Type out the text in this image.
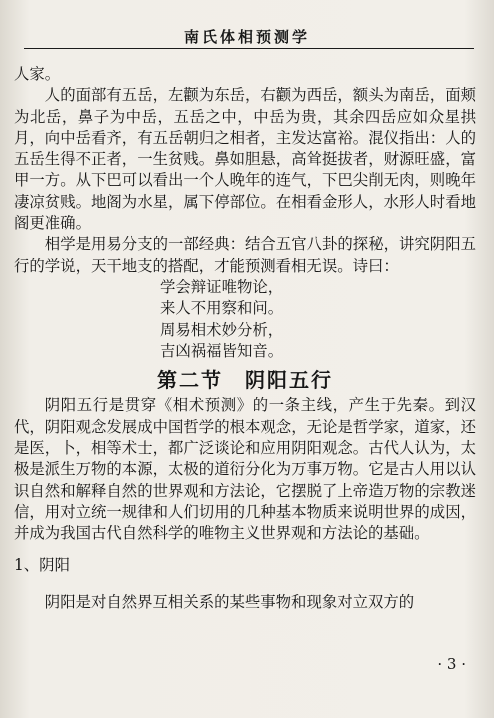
南氏体相预测学

人家。

人的面部有五岳，左颧为东岳，右颧为西岳，额头为南岳，面颊为北岳，鼻子为中岳，五岳之中，中岳为贵，其余四岳应如众星拱月，向中岳看齐，有五岳朝归之相者，主发达富裕。混仪指出：人的五岳生得不正者，一生贫贱。鼻如胆悬，高耸挺拔者，财源旺盛，富甲一方。从下巴可以看出一个人晚年的连气，下巴尖削无肉，则晚年凄凉贫贱。地阁为水星，属下停部位。在相看金形人，水形人时看地阁更准确。

相学是用易分支的一部经典：结合五官八卦的探秘，讲究阴阳五行的学说，天干地支的搭配，才能预测看相无误。诗曰：

学会辩证唯物论，
来人不用察和问。
周易相术妙分析，
吉凶祸福皆知音。
第二节　阴阳五行

阴阳五行是贯穿《相术预测》的一条主线，产生于先秦。到汉代，阴阳观念发展成中国哲学的根本观念，无论是哲学家，道家，还是医，卜，相等术士，都广泛谈论和应用阴阳观念。古代人认为，太极是派生万物的本源，太极的道衍分化为万事万物。它是古人用以认识自然和解释自然的世界观和方法论，它摆脱了上帝造万物的宗教迷信，用对立统一规律和人们切用的几种基本物质来说明世界的成因，并成为我国古代自然科学的唯物主义世界观和方法论的基础。

1、阴阳

阴阳是对自然界互相关系的某些事物和现象对立双方的

· 3 ·
